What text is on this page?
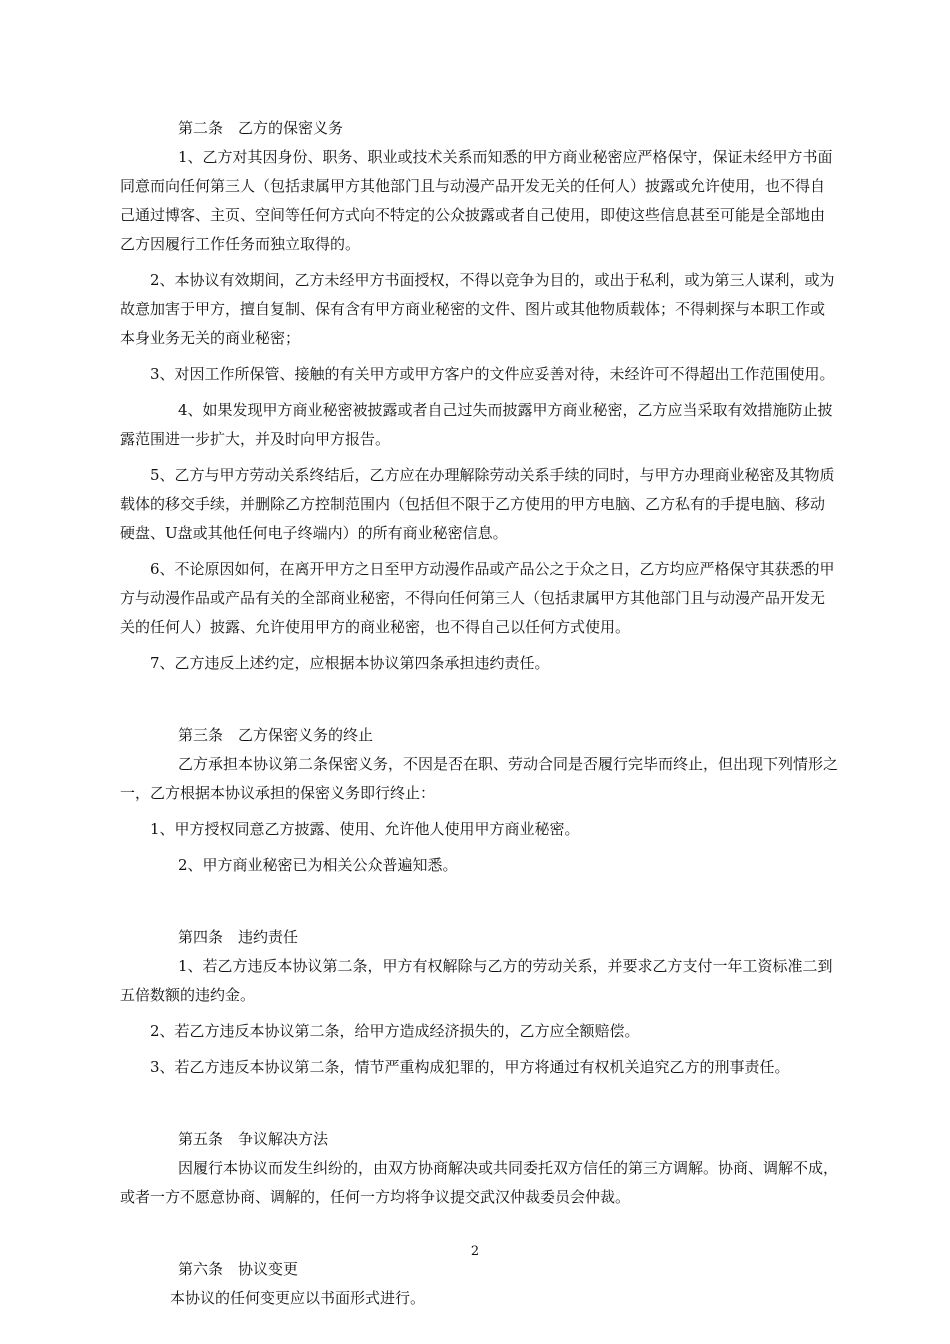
第二条　乙方的保密义务

1、乙方对其因身份、职务、职业或技术关系而知悉的甲方商业秘密应严格保守，保证未经甲方书面同意而向任何第三人（包括隶属甲方其他部门且与动漫产品开发无关的任何人）披露或允许使用，也不得自己通过博客、主页、空间等任何方式向不特定的公众披露或者自己使用，即使这些信息甚至可能是全部地由乙方因履行工作任务而独立取得的。

2、本协议有效期间，乙方未经甲方书面授权，不得以竞争为目的，或出于私利，或为第三人谋利，或为故意加害于甲方，擅自复制、保有含有甲方商业秘密的文件、图片或其他物质载体；不得刺探与本职工作或本身业务无关的商业秘密；

3、对因工作所保管、接触的有关甲方或甲方客户的文件应妥善对待，未经许可不得超出工作范围使用。

4、如果发现甲方商业秘密被披露或者自己过失而披露甲方商业秘密，乙方应当采取有效措施防止披露范围进一步扩大，并及时向甲方报告。

5、乙方与甲方劳动关系终结后，乙方应在办理解除劳动关系手续的同时，与甲方办理商业秘密及其物质载体的移交手续，并删除乙方控制范围内（包括但不限于乙方使用的甲方电脑、乙方私有的手提电脑、移动硬盘、U盘或其他任何电子终端内）的所有商业秘密信息。

6、不论原因如何，在离开甲方之日至甲方动漫作品或产品公之于众之日，乙方均应严格保守其获悉的甲方与动漫作品或产品有关的全部商业秘密，不得向任何第三人（包括隶属甲方其他部门且与动漫产品开发无关的任何人）披露、允许使用甲方的商业秘密，也不得自己以任何方式使用。

7、乙方违反上述约定，应根据本协议第四条承担违约责任。

第三条　乙方保密义务的终止

乙方承担本协议第二条保密义务，不因是否在职、劳动合同是否履行完毕而终止，但出现下列情形之一，乙方根据本协议承担的保密义务即行终止：

1、甲方授权同意乙方披露、使用、允许他人使用甲方商业秘密。

2、甲方商业秘密已为相关公众普遍知悉。

第四条　违约责任

1、若乙方违反本协议第二条，甲方有权解除与乙方的劳动关系，并要求乙方支付一年工资标准二到五倍数额的违约金。

2、若乙方违反本协议第二条，给甲方造成经济损失的，乙方应全额赔偿。

3、若乙方违反本协议第二条，情节严重构成犯罪的，甲方将通过有权机关追究乙方的刑事责任。

第五条　争议解决方法

因履行本协议而发生纠纷的，由双方协商解决或共同委托双方信任的第三方调解。协商、调解不成，或者一方不愿意协商、调解的，任何一方均将争议提交武汉仲裁委员会仲裁。

第六条　协议变更

本协议的任何变更应以书面形式进行。

2
